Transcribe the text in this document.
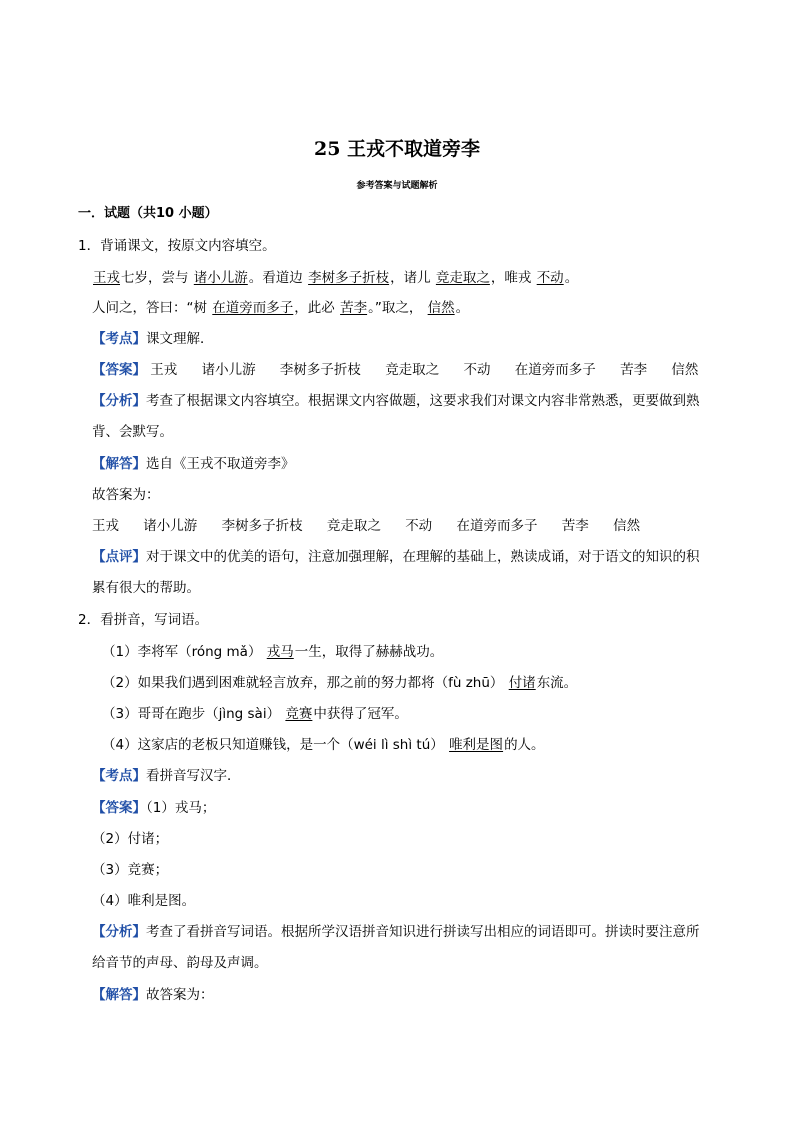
25 王戎不取道旁李
参考答案与试题解析
一．试题（共10 小题）
1．背诵课文，按原文内容填空。
王戎七岁，尝与 诸小儿游。看道边 李树多子折枝，诸儿 竞走取之，唯戎 不动。
人问之，答曰：“树 在道旁而多子，此必 苦李。”取之， 信然。
【考点】课文理解．
【答案】 王戎 诸小儿游 李树多子折枝 竞走取之 不动 在道旁而多子 苦李 信然
【分析】考查了根据课文内容填空。根据课文内容做题，这要求我们对课文内容非常熟悉，更要做到熟
背、会默写。
【解答】选自《王戎不取道旁李》
故答案为：
王戎 诸小儿游 李树多子折枝 竞走取之 不动 在道旁而多子 苦李 信然
【点评】对于课文中的优美的语句，注意加强理解，在理解的基础上，熟读成诵，对于语文的知识的积
累有很大的帮助。
2．看拼音，写词语。
（1）李将军（róng mǎ） 戎马一生，取得了赫赫战功。
（2）如果我们遇到困难就轻言放弃，那之前的努力都将（fù zhū） 付诸东流。
（3）哥哥在跑步（jìng sài） 竞赛中获得了冠军。
（4）这家店的老板只知道赚钱，是一个（wéi lì shì tú） 唯利是图的人。
【考点】看拼音写汉字．
【答案】（1）戎马；
（2）付诸；
（3）竞赛；
（4）唯利是图。
【分析】考查了看拼音写词语。根据所学汉语拼音知识进行拼读写出相应的词语即可。拼读时要注意所
给音节的声母、韵母及声调。
【解答】故答案为：
